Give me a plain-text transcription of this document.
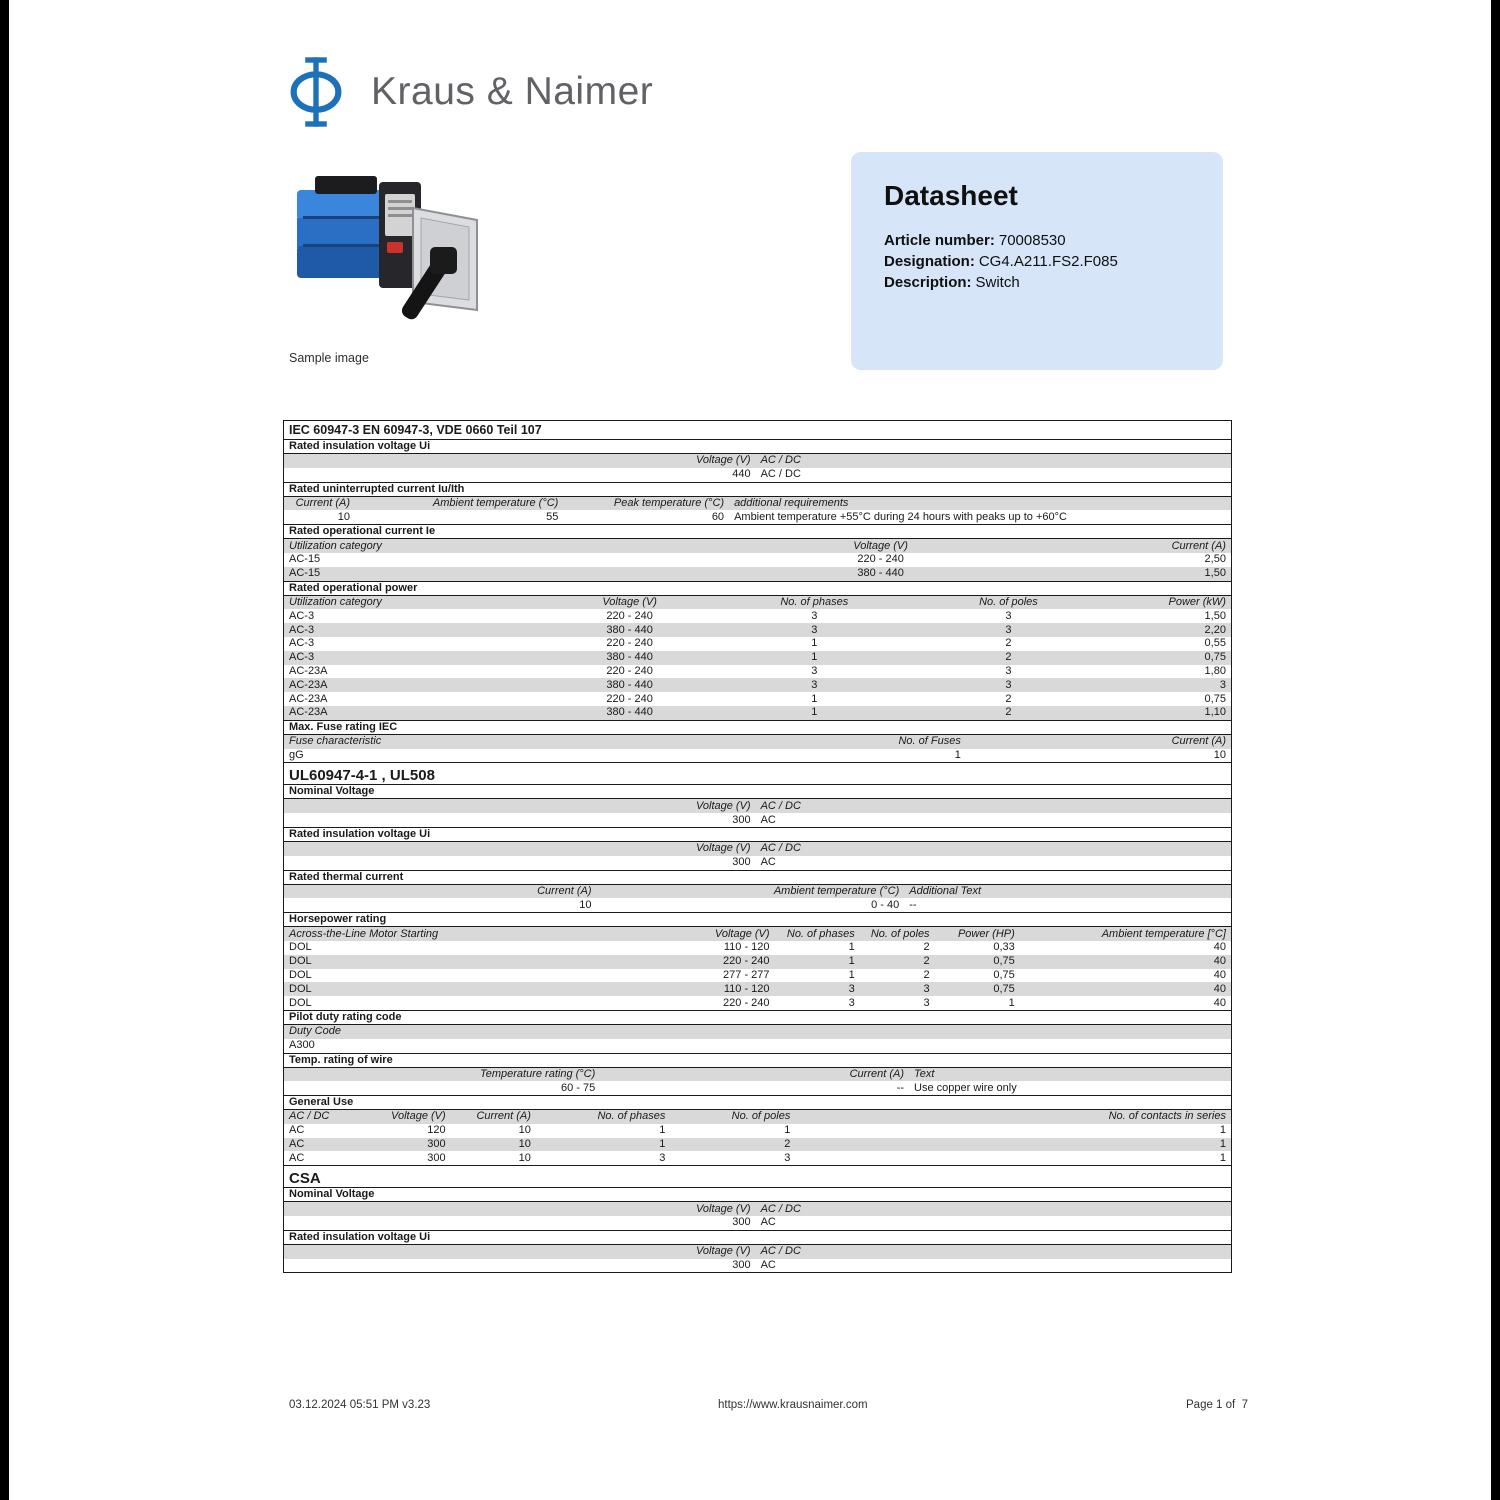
Kraus & Naimer
Sample image
Datasheet
Article number: 70008530
Designation: CG4.A211.FS2.F085
Description: Switch
IEC 60947-3 EN 60947-3, VDE 0660 Teil 107
Rated insulation voltage Ui
Voltage (V) AC / DC
440 AC / DC
Rated uninterrupted current Iu/Ith
Current (A)	Ambient temperature (°C)	Peak temperature (°C) additional requirements
10	55	60 Ambient temperature +55°C during 24 hours with peaks up to +60°C
Rated operational current Ie
Utilization category	Voltage (V)	Current (A)
AC-15	220 - 240	2,50
AC-15	380 - 440	1,50
Rated operational power
Utilization category	Voltage (V)	No. of phases	No. of poles	Power (kW)
AC-3	220 - 240	3	3	1,50
AC-3	380 - 440	3	3	2,20
AC-3	220 - 240	1	2	0,55
AC-3	380 - 440	1	2	0,75
AC-23A	220 - 240	3	3	1,80
AC-23A	380 - 440	3	3	3
AC-23A	220 - 240	1	2	0,75
AC-23A	380 - 440	1	2	1,10
Max. Fuse rating IEC
Fuse characteristic	No. of Fuses	Current (A)
gG	1	10
UL60947-4-1 , UL508
Nominal Voltage
Voltage (V) AC / DC
300 AC
Rated insulation voltage Ui
Voltage (V) AC / DC
300 AC
Rated thermal current
Current (A)	Ambient temperature (°C) Additional Text
10	0 - 40 --
Horsepower rating
Across-the-Line Motor Starting	Voltage (V)	No. of phases	No. of poles	Power (HP)	Ambient temperature [°C]
DOL	110 - 120	1	2	0,33	40
DOL	220 - 240	1	2	0,75	40
DOL	277 - 277	1	2	0,75	40
DOL	110 - 120	3	3	0,75	40
DOL	220 - 240	3	3	1	40
Pilot duty rating code
Duty Code
A300
Temp. rating of wire
Temperature rating (°C)	Current (A) Text
60 - 75	-- Use copper wire only
General Use
AC / DC	Voltage (V)	Current (A)	No. of phases	No. of poles	No. of contacts in series
AC	120	10	1	1	1
AC	300	10	1	2	1
AC	300	10	3	3	1
CSA
Nominal Voltage
Voltage (V) AC / DC
300 AC
Rated insulation voltage Ui
Voltage (V) AC / DC
300 AC
03.12.2024 05:51 PM v3.23	https://www.krausnaimer.com	Page 1 of  7
